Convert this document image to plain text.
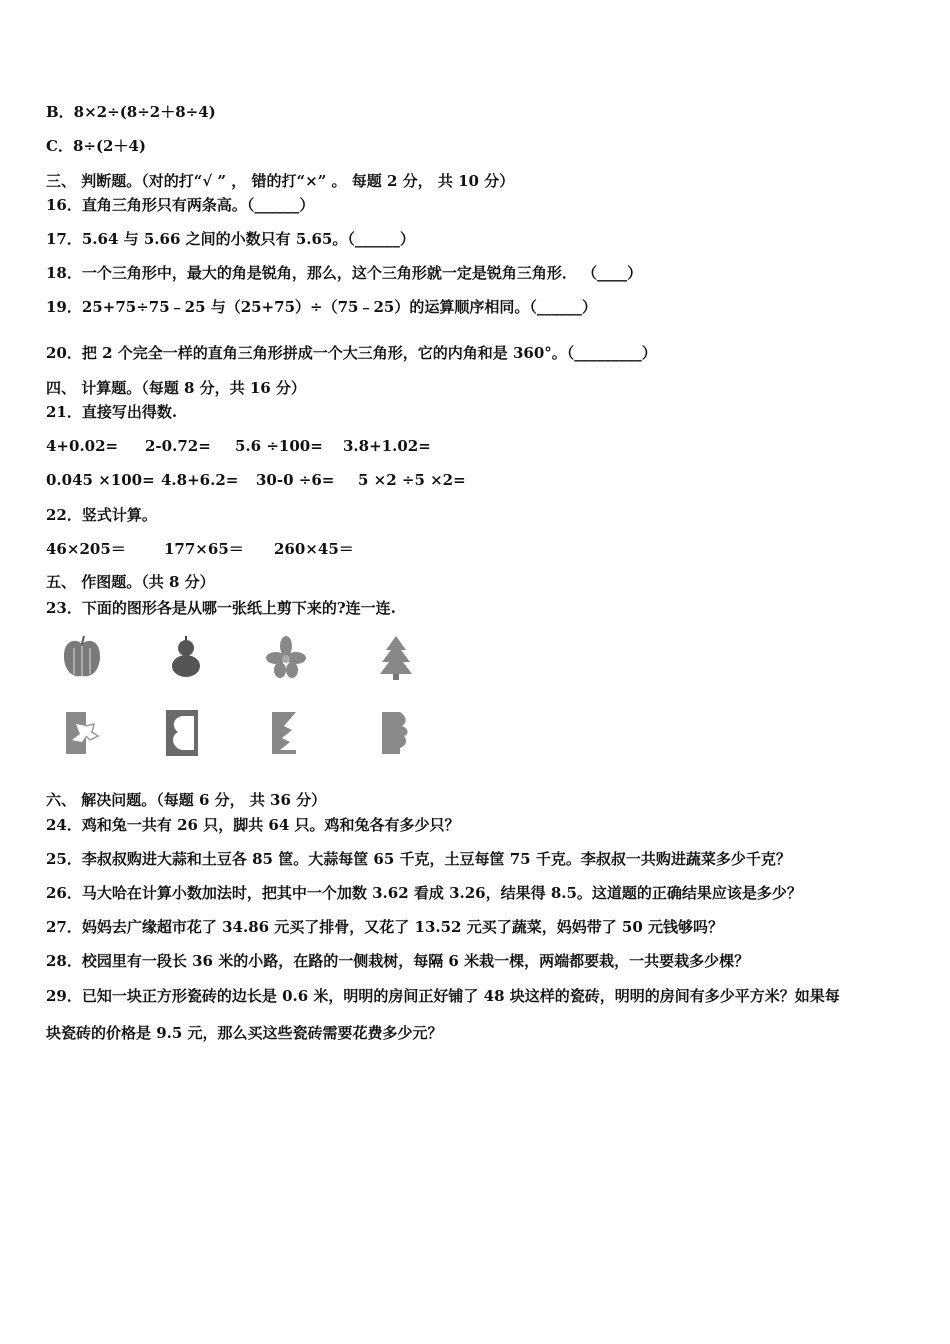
B．8×2÷(8÷2＋8÷4)
C．8÷(2＋4)
三、 判断题。（对的打“√ ” ， 错的打“×” 。 每题 2 分， 共 10 分）
16．直角三角形只有两条高。（______）
17．5.64 与 5.66 之间的小数只有 5.65。（______）
18．一个三角形中，最大的角是锐角，那么，这个三角形就一定是锐角三角形． （____）
19．25+75÷75﹣25 与（25+75）÷（75﹣25）的运算顺序相同。（______）
20．把 2 个完全一样的直角三角形拼成一个大三角形，它的内角和是 360°。（_________）
四、 计算题。（每题 8 分，共 16 分）
21．直接写出得数.
4+0.02= 2-0.72= 5.6 ÷100= 3.8+1.02=
0.045 ×100= 4.8+6.2= 30-0 ÷6= 5 ×2 ÷5 ×2=
22．竖式计算。
46×205＝	177×65＝ 260×45＝
五、 作图题。（共 8 分）
23．下面的图形各是从哪一张纸上剪下来的?连一连.
六、 解决问题。（每题 6 分， 共 36 分）
24．鸡和兔一共有 26 只，脚共 64 只。鸡和兔各有多少只？
25．李叔叔购进大蒜和土豆各 85 筐。大蒜每筐 65 千克，土豆每筐 75 千克。李叔叔一共购进蔬菜多少千克？
26．马大哈在计算小数加法时，把其中一个加数 3.62 看成 3.26，结果得 8.5。这道题的正确结果应该是多少？
27．妈妈去广缘超市花了 34.86 元买了排骨，又花了 13.52 元买了蔬菜，妈妈带了 50 元钱够吗？
28．校园里有一段长 36 米的小路，在路的一侧栽树，每隔 6 米栽一棵，两端都要栽，一共要栽多少棵？
29．已知一块正方形瓷砖的边长是 0.6 米，明明的房间正好铺了 48 块这样的瓷砖，明明的房间有多少平方米？如果每
块瓷砖的价格是 9.5 元，那么买这些瓷砖需要花费多少元？
